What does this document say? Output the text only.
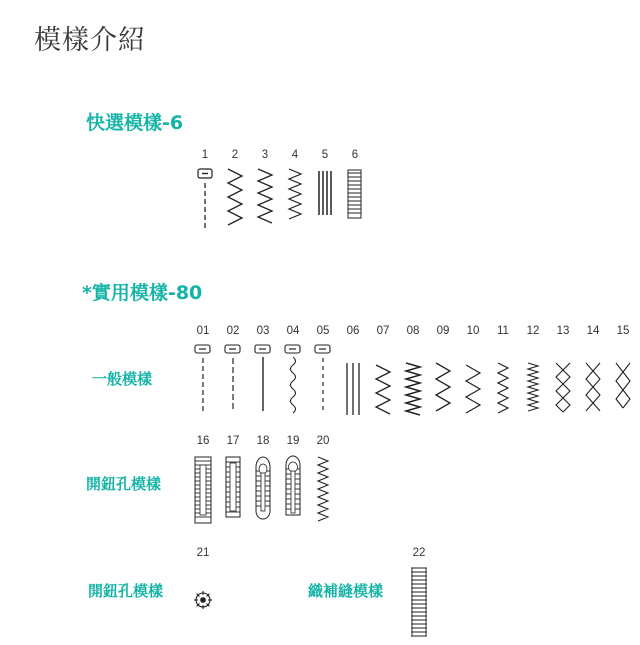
模樣介紹
快選模樣-6
1 2 3 4 5 6
*實用模樣-80
一般模樣
01 02 03 04 05 06 07 08 09 10 11 12 13 14 15
開鈕孔模樣
16 17 18 19 20
開鈕孔模樣
21
織補縫模樣
22
